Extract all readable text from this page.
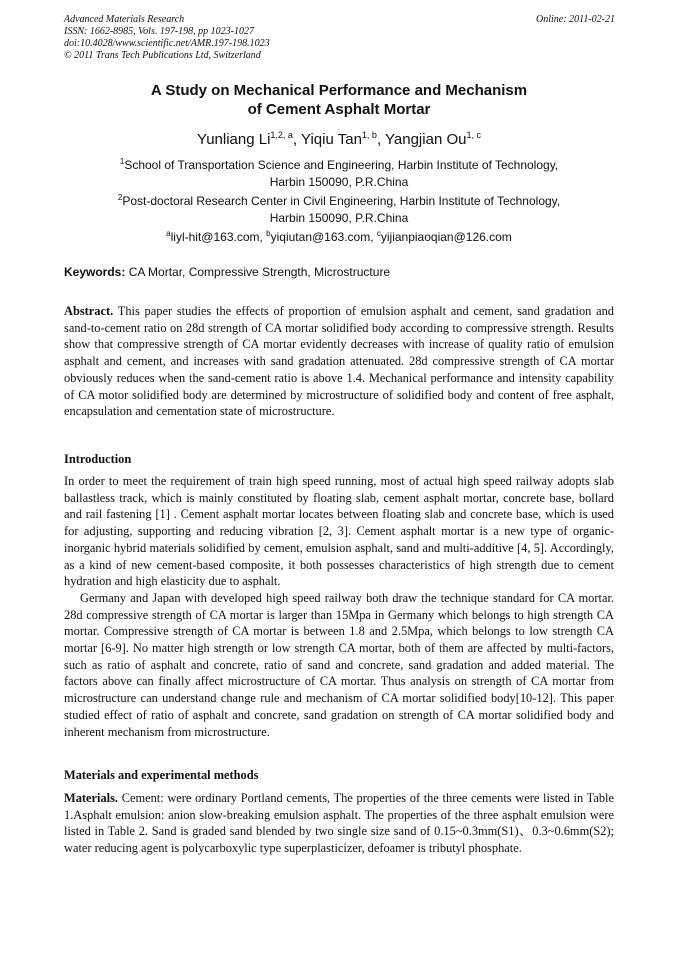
Advanced Materials Research
ISSN: 1662-8985, Vols. 197-198, pp 1023-1027
doi:10.4028/www.scientific.net/AMR.197-198.1023
© 2011 Trans Tech Publications Ltd, Switzerland
Online: 2011-02-21
A Study on Mechanical Performance and Mechanism
of Cement Asphalt Mortar
Yunliang Li$^{1,2, a}$, Yiqiu Tan$^{1, b}$, Yangjian Ou$^{1, c}$
$^1$School of Transportation Science and Engineering, Harbin Institute of Technology,
Harbin 150090, P.R.China
$^2$Post-doctoral Research Center in Civil Engineering, Harbin Institute of Technology,
Harbin 150090, P.R.China
$^a$liyl-hit@163.com, $^b$yiqiutan@163.com, $^c$yijianpiaoqian@126.com
Keywords: CA Mortar, Compressive Strength, Microstructure

Abstract. This paper studies the effects of proportion of emulsion asphalt and cement, sand gradation and sand-to-cement ratio on 28d strength of CA mortar solidified body according to compressive strength. Results show that compressive strength of CA mortar evidently decreases with increase of quality ratio of emulsion asphalt and cement, and increases with sand gradation attenuated. 28d compressive strength of CA mortar obviously reduces when the sand-cement ratio is above 1.4. Mechanical performance and intensity capability of CA motor solidified body are determined by microstructure of solidified body and content of free asphalt, encapsulation and cementation state of microstructure.

Introduction

In order to meet the requirement of train high speed running, most of actual high speed railway adopts slab ballastless track, which is mainly constituted by floating slab, cement asphalt mortar, concrete base, bollard and rail fastening [1] . Cement asphalt mortar locates between floating slab and concrete base, which is used for adjusting, supporting and reducing vibration [2, 3]. Cement asphalt mortar is a new type of organic-inorganic hybrid materials solidified by cement, emulsion asphalt, sand and multi-additive [4, 5]. Accordingly, as a kind of new cement-based composite, it both possesses characteristics of high strength due to cement hydration and high elasticity due to asphalt.

Germany and Japan with developed high speed railway both draw the technique standard for CA mortar. 28d compressive strength of CA mortar is larger than 15Mpa in Germany which belongs to high strength CA mortar. Compressive strength of CA mortar is between 1.8 and 2.5Mpa, which belongs to low strength CA mortar [6-9]. No matter high strength or low strength CA mortar, both of them are affected by multi-factors, such as ratio of asphalt and concrete, ratio of sand and concrete, sand gradation and added material. The factors above can finally affect microstructure of CA mortar. Thus analysis on strength of CA mortar from microstructure can understand change rule and mechanism of CA mortar solidified body[10-12]. This paper studied effect of ratio of asphalt and concrete, sand gradation on strength of CA mortar solidified body and inherent mechanism from microstructure.

Materials and experimental methods

Materials. Cement: were ordinary Portland cements, The properties of the three cements were listed in Table 1.Asphalt emulsion: anion slow-breaking emulsion asphalt. The properties of the three asphalt emulsion were listed in Table 2. Sand is graded sand blended by two single size sand of 0.15~0.3mm(S1)、0.3~0.6mm(S2); water reducing agent is polycarboxylic type superplasticizer, defoamer is tributyl phosphate.
